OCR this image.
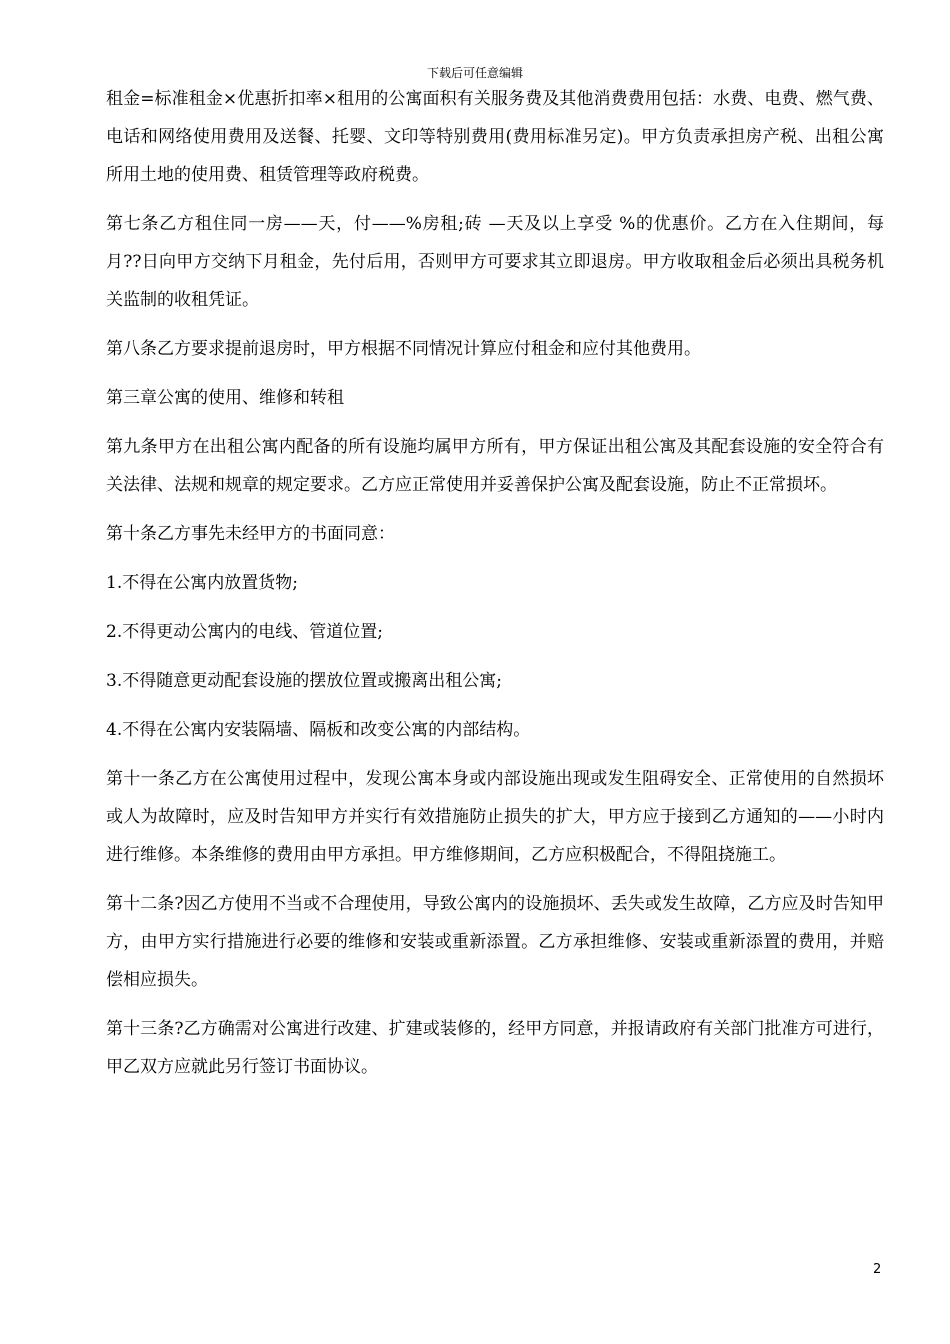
下载后可任意编辑

租金=标准租金×优惠折扣率×租用的公寓面积有关服务费及其他消费费用包括：水费、电费、燃气费、电话和网络使用费用及送餐、托婴、文印等特别费用(费用标准另定)。甲方负责承担房产税、出租公寓所用土地的使用费、租赁管理等政府税费。

第七条乙方租住同一房——天，付——%房租;砖 —天及以上享受 %的优惠价。乙方在入住期间，每月??日向甲方交纳下月租金，先付后用，否则甲方可要求其立即退房。甲方收取租金后必须出具税务机关监制的收租凭证。

第八条乙方要求提前退房时，甲方根据不同情况计算应付租金和应付其他费用。

第三章公寓的使用、维修和转租

第九条甲方在出租公寓内配备的所有设施均属甲方所有，甲方保证出租公寓及其配套设施的安全符合有关法律、法规和规章的规定要求。乙方应正常使用并妥善保护公寓及配套设施，防止不正常损坏。

第十条乙方事先未经甲方的书面同意：

1.不得在公寓内放置货物;

2.不得更动公寓内的电线、管道位置;

3.不得随意更动配套设施的摆放位置或搬离出租公寓;

4.不得在公寓内安装隔墙、隔板和改变公寓的内部结构。

第十一条乙方在公寓使用过程中，发现公寓本身或内部设施出现或发生阻碍安全、正常使用的自然损坏或人为故障时，应及时告知甲方并实行有效措施防止损失的扩大，甲方应于接到乙方通知的——小时内进行维修。本条维修的费用由甲方承担。甲方维修期间，乙方应积极配合，不得阻挠施工。

第十二条?因乙方使用不当或不合理使用，导致公寓内的设施损坏、丢失或发生故障，乙方应及时告知甲方，由甲方实行措施进行必要的维修和安装或重新添置。乙方承担维修、安装或重新添置的费用，并赔偿相应损失。

第十三条?乙方确需对公寓进行改建、扩建或装修的，经甲方同意，并报请政府有关部门批准方可进行，甲乙双方应就此另行签订书面协议。

2
